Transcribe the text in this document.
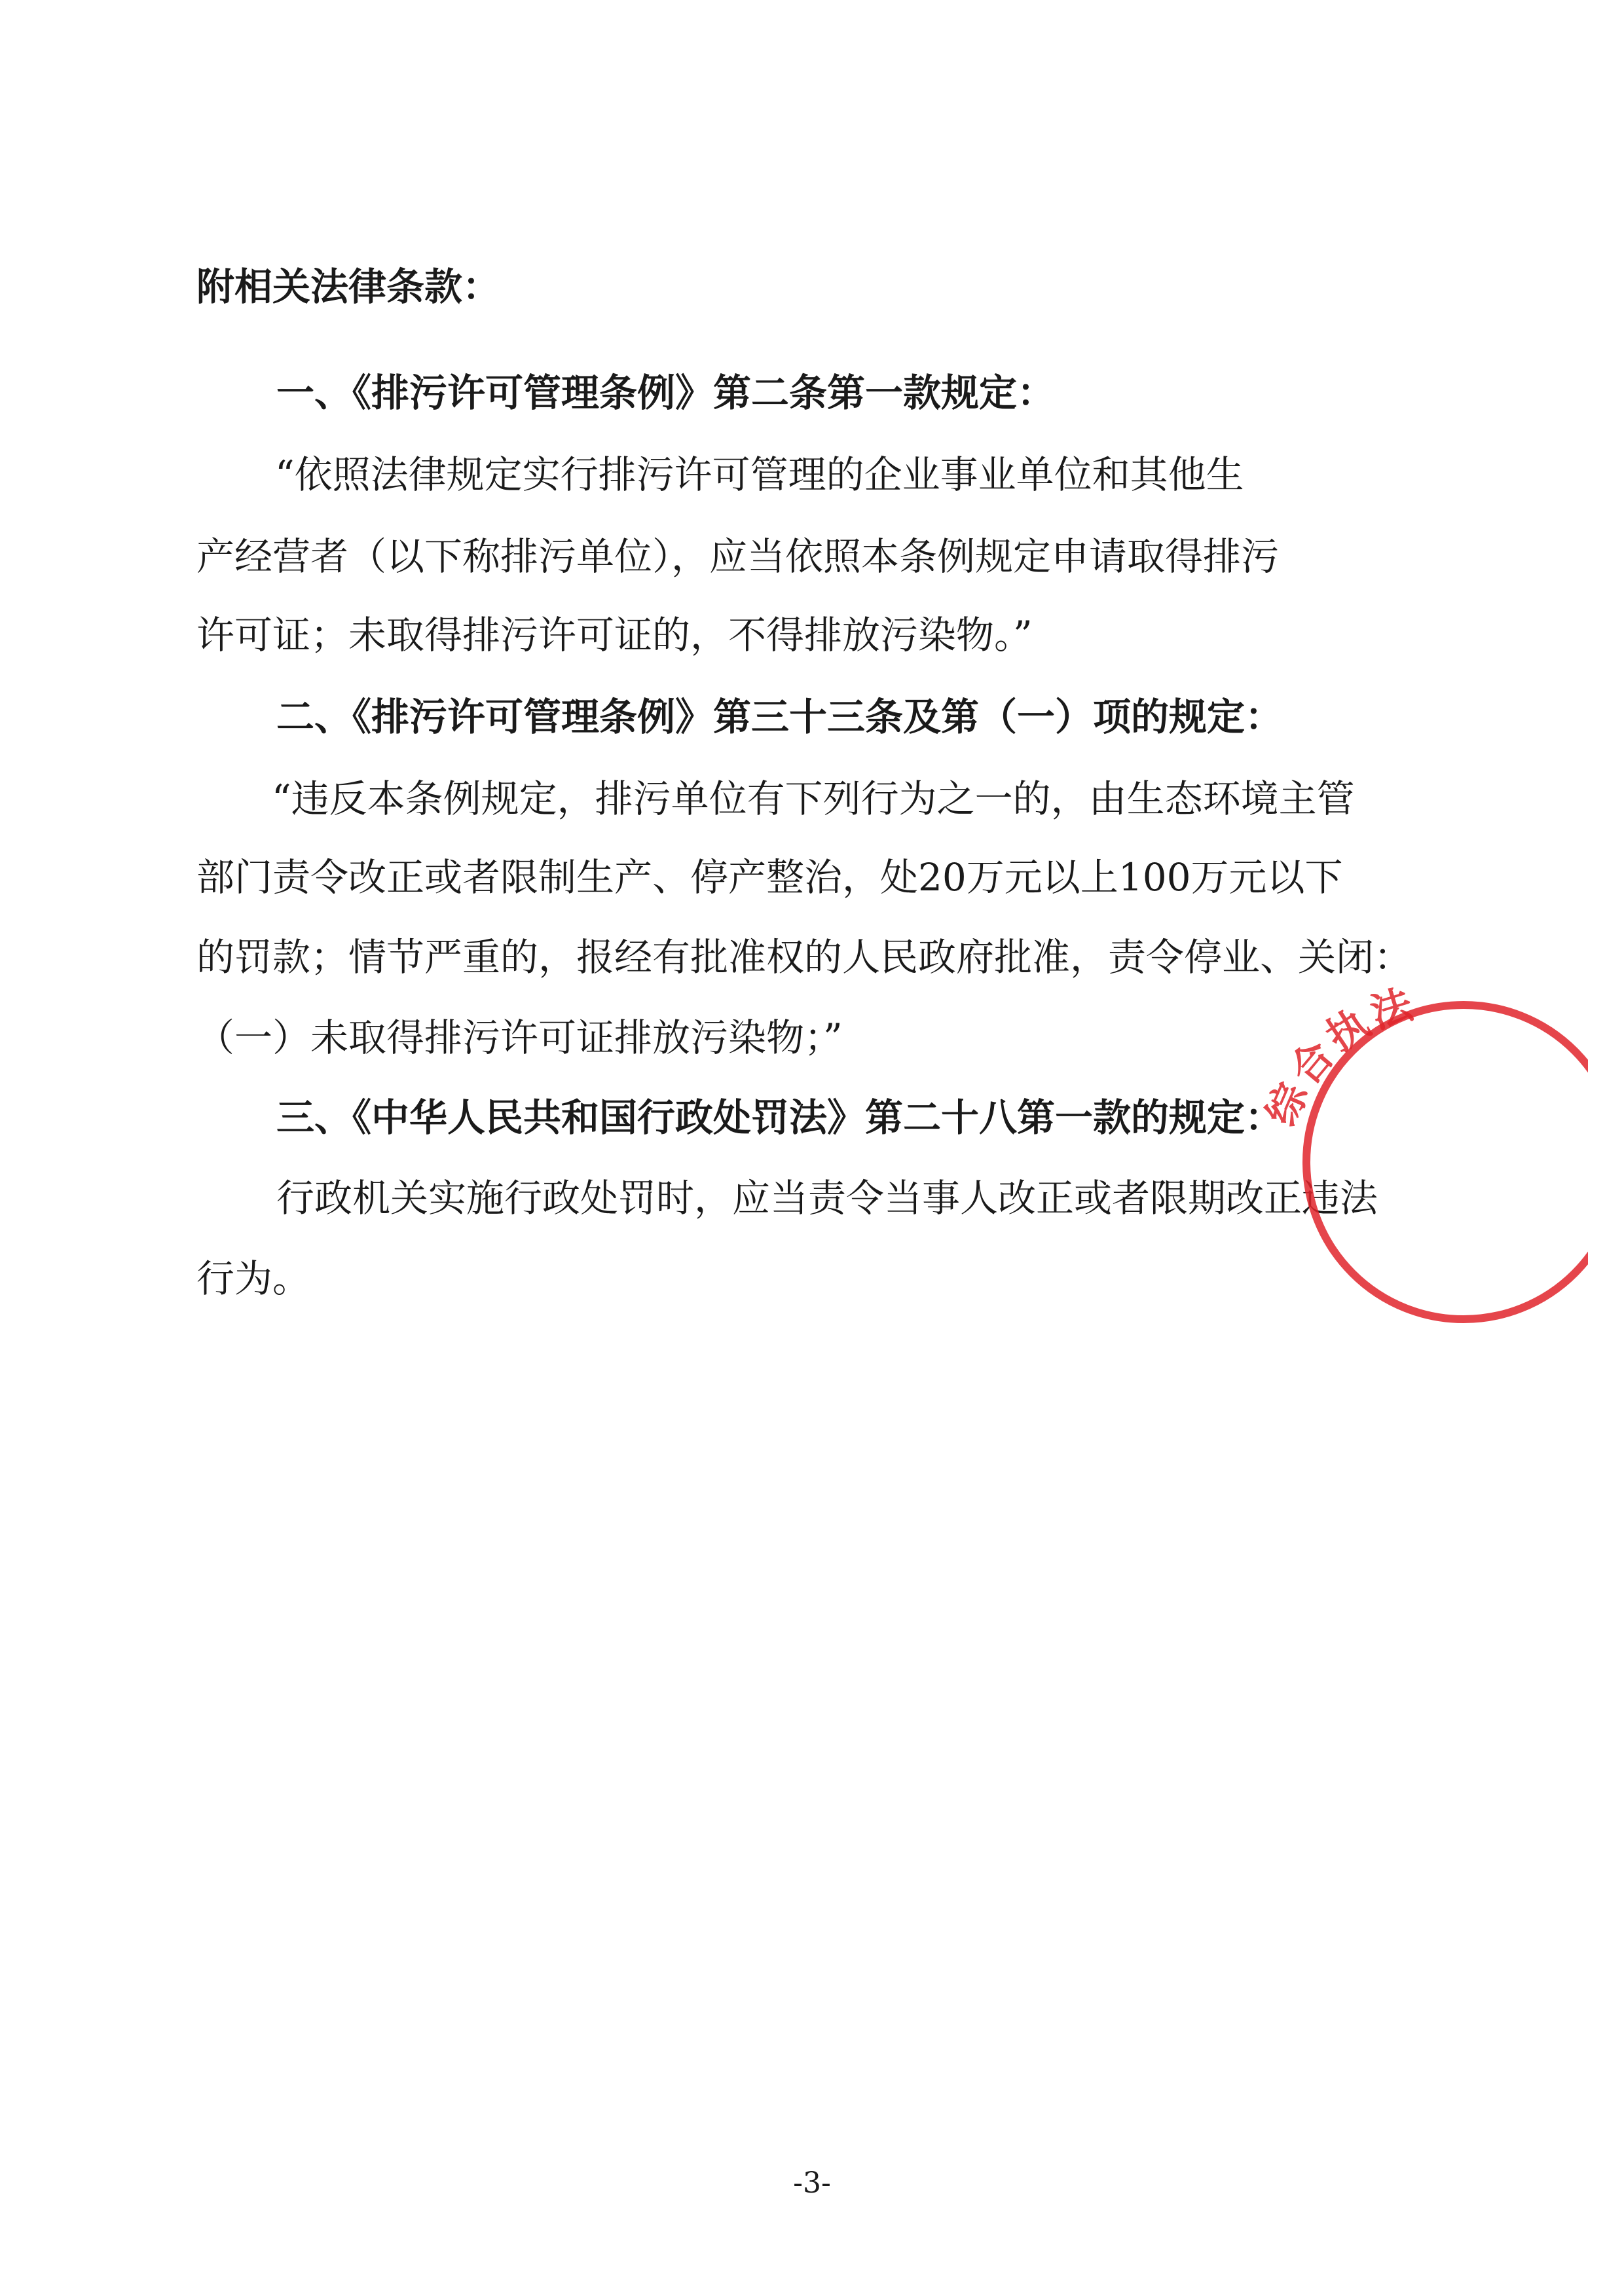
附相关法律条款：
一、《排污许可管理条例》第二条第一款规定：
“依照法律规定实行排污许可管理的企业事业单位和其他生
产经营者（以下称排污单位），应当依照本条例规定申请取得排污
许可证；未取得排污许可证的，不得排放污染物。”
二、《排污许可管理条例》第三十三条及第（一）项的规定：
“违反本条例规定，排污单位有下列行为之一的，由生态环境主管
部门责令改正或者限制生产、停产整治，处20万元以上100万元以下
的罚款；情节严重的，报经有批准权的人民政府批准，责令停业、关闭：
（一）未取得排污许可证排放污染物；”
三、《中华人民共和国行政处罚法》第二十八第一款的规定：
行政机关实施行政处罚时，应当责令当事人改正或者限期改正违法
行为。
综合执法
-3-
